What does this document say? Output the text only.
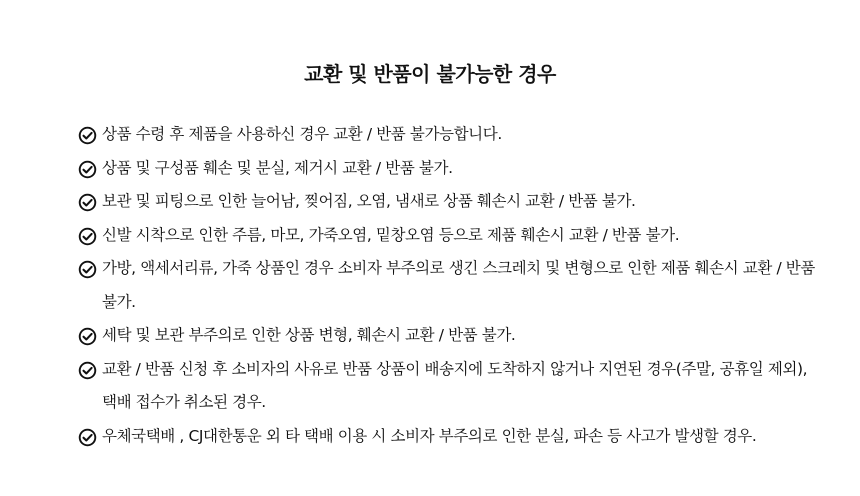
교환 및 반품이 불가능한 경우
상품 수령 후 제품을 사용하신 경우 교환 / 반품 불가능합니다.
상품 및 구성품 훼손 및 분실, 제거시 교환 / 반품 불가.
보관 및 피팅으로 인한 늘어남, 찢어짐, 오염, 냄새로 상품 훼손시 교환 / 반품 불가.
신발 시착으로 인한 주름, 마모, 가죽오염, 밑창오염 등으로 제품 훼손시 교환 / 반품 불가.
가방, 액세서리류, 가죽 상품인 경우 소비자 부주의로 생긴 스크레치 및 변형으로 인한 제품 훼손시 교환 / 반품 불가.
세탁 및 보관 부주의로 인한 상품 변형, 훼손시 교환 / 반품 불가.
교환 / 반품 신청 후 소비자의 사유로 반품 상품이 배송지에 도착하지 않거나 지연된 경우(주말, 공휴일 제외),택배 접수가 취소된 경우.
우체국택배 , CJ대한통운 외 타 택배 이용 시 소비자 부주의로 인한 분실, 파손 등 사고가 발생할 경우.
